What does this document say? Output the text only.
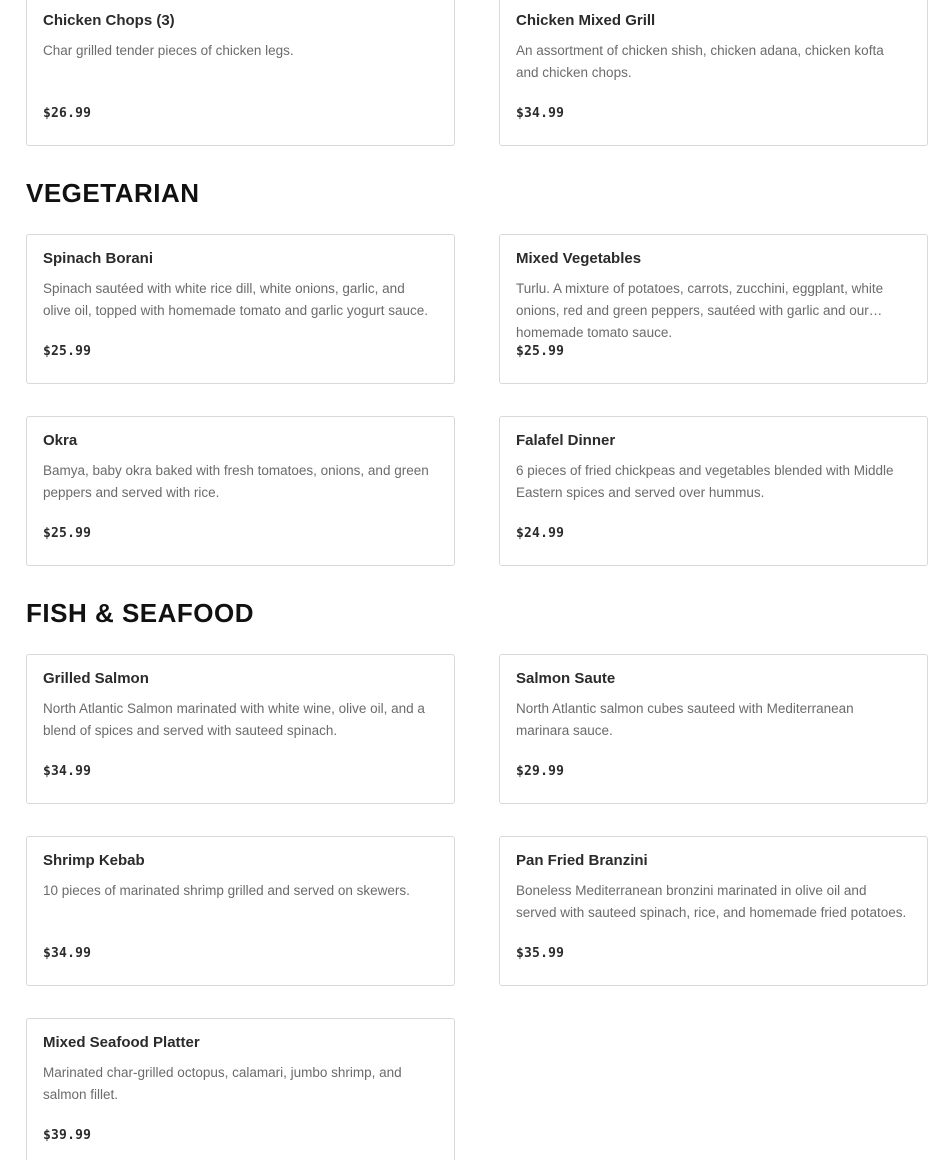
Chicken Chops (3)
Char grilled tender pieces of chicken legs.
$26.99
Chicken Mixed Grill
An assortment of chicken shish, chicken adana, chicken kofta and chicken chops.
$34.99
VEGETARIAN
Spinach Borani
Spinach sautéed with white rice dill, white onions, garlic, and olive oil, topped with homemade tomato and garlic yogurt sauce.
$25.99
Mixed Vegetables
Turlu. A mixture of potatoes, carrots, zucchini, eggplant, white onions, red and green peppers, sautéed with garlic and our homemade tomato sauce.
$25.99
Okra
Bamya, baby okra baked with fresh tomatoes, onions, and green peppers and served with rice.
$25.99
Falafel Dinner
6 pieces of fried chickpeas and vegetables blended with Middle Eastern spices and served over hummus.
$24.99
FISH & SEAFOOD
Grilled Salmon
North Atlantic Salmon marinated with white wine, olive oil, and a blend of spices and served with sauteed spinach.
$34.99
Salmon Saute
North Atlantic salmon cubes sauteed with Mediterranean marinara sauce.
$29.99
Shrimp Kebab
10 pieces of marinated shrimp grilled and served on skewers.
$34.99
Pan Fried Branzini
Boneless Mediterranean bronzini marinated in olive oil and served with sauteed spinach, rice, and homemade fried potatoes.
$35.99
Mixed Seafood Platter
Marinated char-grilled octopus, calamari, jumbo shrimp, and salmon fillet.
$39.99
